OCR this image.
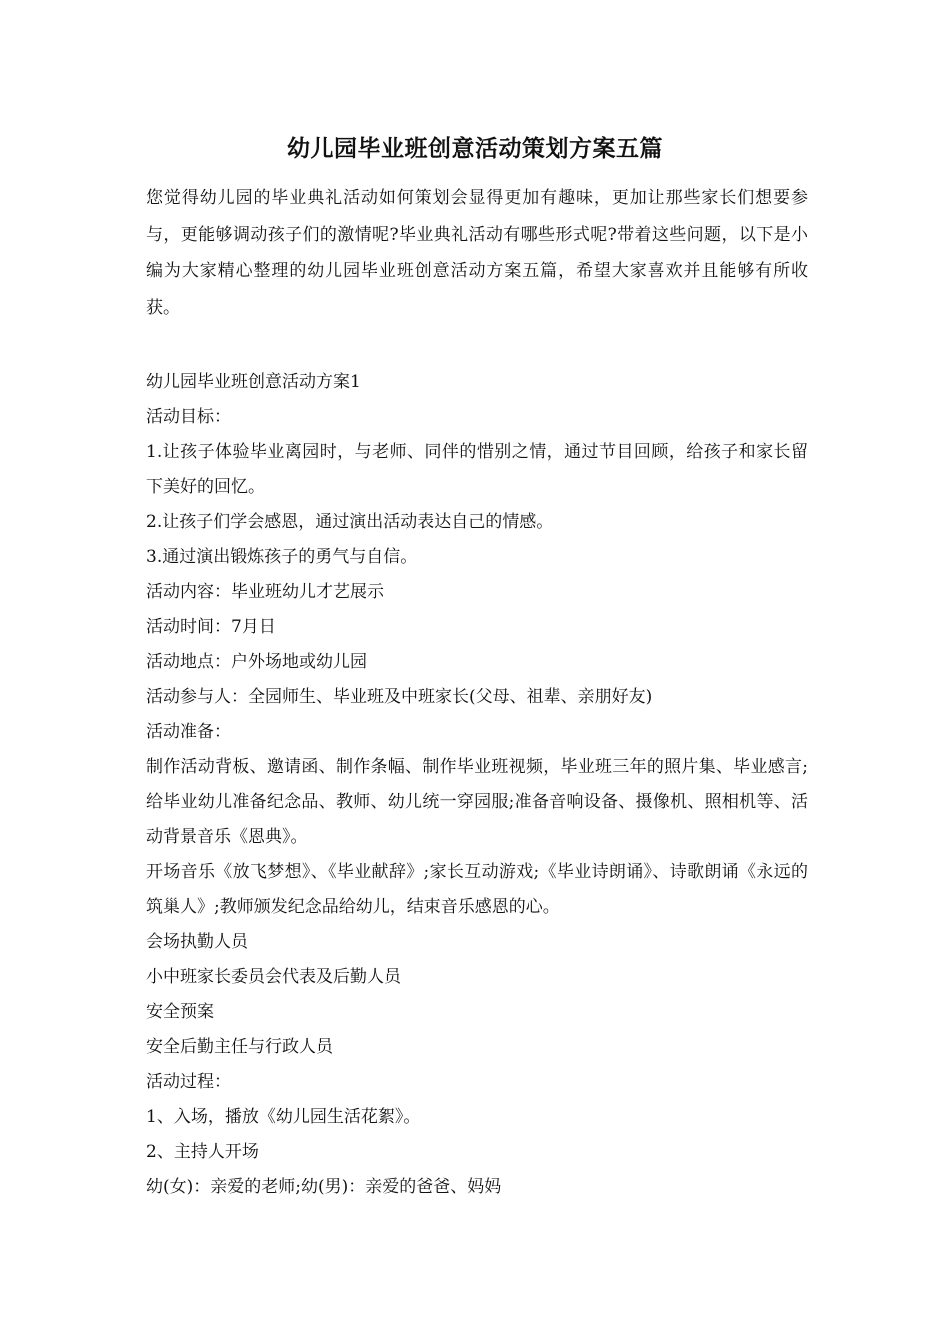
幼儿园毕业班创意活动策划方案五篇
您觉得幼儿园的毕业典礼活动如何策划会显得更加有趣味，更加让那些家长们想要参与，更能够调动孩子们的激情呢?毕业典礼活动有哪些形式呢?带着这些问题，以下是小编为大家精心整理的幼儿园毕业班创意活动方案五篇，希望大家喜欢并且能够有所收获。

幼儿园毕业班创意活动方案1

活动目标：

1.让孩子体验毕业离园时，与老师、同伴的惜别之情，通过节目回顾，给孩子和家长留下美好的回忆。

2.让孩子们学会感恩，通过演出活动表达自己的情感。

3.通过演出锻炼孩子的勇气与自信。

活动内容：毕业班幼儿才艺展示

活动时间：7月日

活动地点：户外场地或幼儿园

活动参与人：全园师生、毕业班及中班家长(父母、祖辈、亲朋好友)

活动准备：

制作活动背板、邀请函、制作条幅、制作毕业班视频，毕业班三年的照片集、毕业感言;给毕业幼儿准备纪念品、教师、幼儿统一穿园服;准备音响设备、摄像机、照相机等、活动背景音乐《恩典》。

开场音乐《放飞梦想》、《毕业献辞》;家长互动游戏;《毕业诗朗诵》、诗歌朗诵《永远的筑巢人》;教师颁发纪念品给幼儿，结束音乐感恩的心。

会场执勤人员

小中班家长委员会代表及后勤人员

安全预案

安全后勤主任与行政人员

活动过程：

1、入场，播放《幼儿园生活花絮》。

2、主持人开场

幼(女)：亲爱的老师;幼(男)：亲爱的爸爸、妈妈
